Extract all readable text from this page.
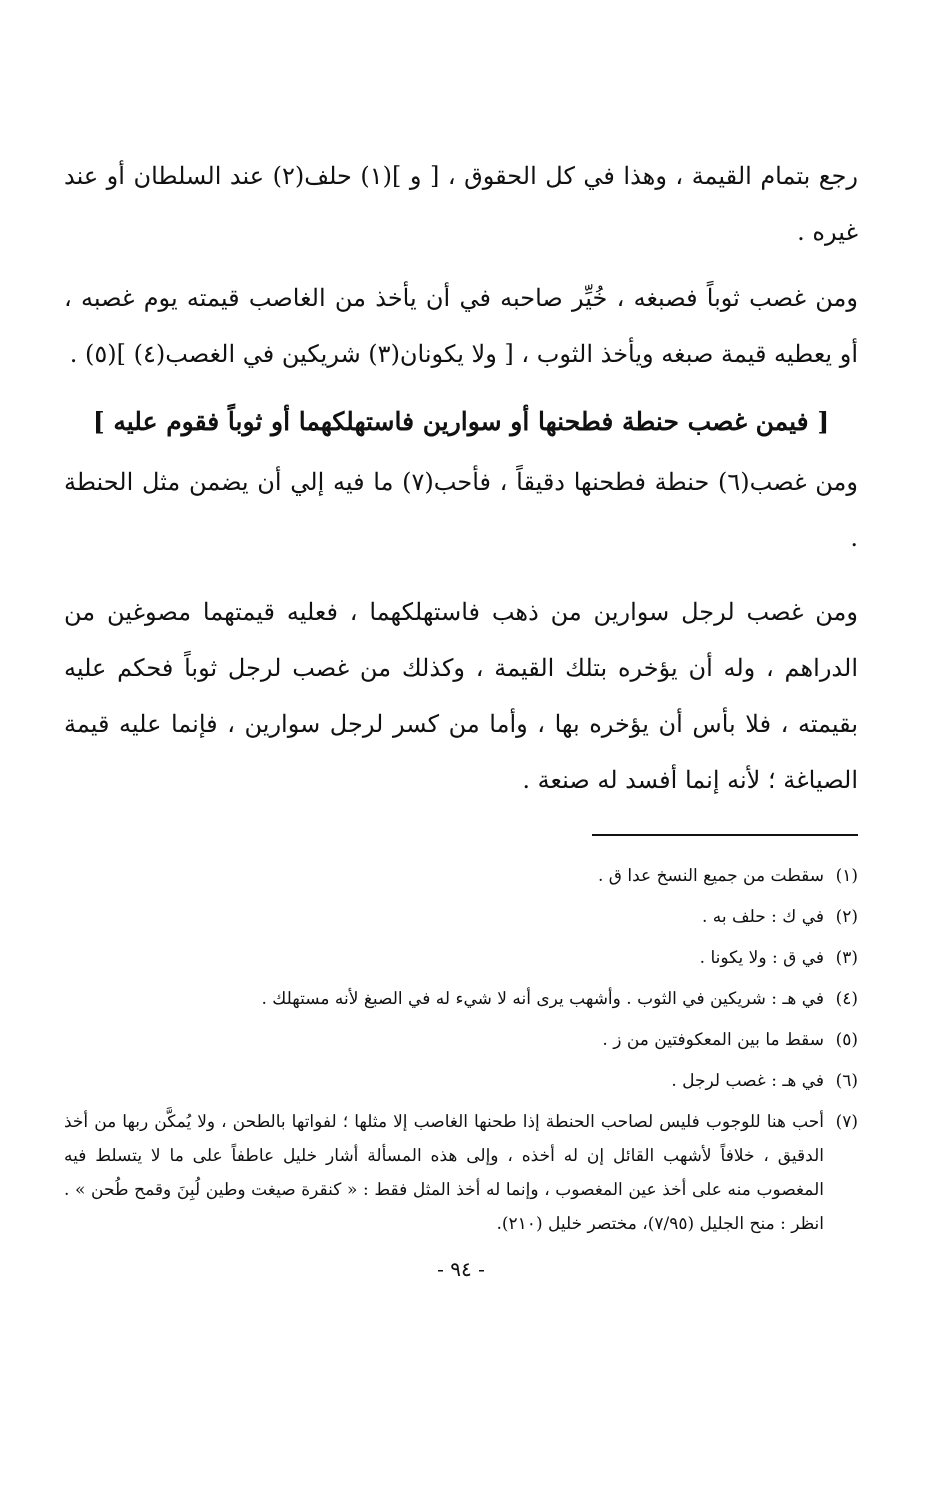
رجع بتمام القيمة ، وهذا في كل الحقوق ، [ و ](١) حلف(٢) عند السلطان أو عند غيره .

ومن غصب ثوباً فصبغه ، خُيِّر صاحبه في أن يأخذ من الغاصب قيمته يوم غصبه ، أو يعطيه قيمة صبغه ويأخذ الثوب ، [ ولا يكونان(٣) شريكين في الغصب(٤) ](٥) .

[ فيمن غصب حنطة فطحنها أو سوارين فاستهلكهما أو ثوباً فقوم عليه ]

ومن غصب(٦) حنطة فطحنها دقيقاً ، فأحب(٧) ما فيه إلي أن يضمن مثل الحنطة .

ومن غصب لرجل سوارين من ذهب فاستهلكهما ، فعليه قيمتهما مصوغين من الدراهم ، وله أن يؤخره بتلك القيمة ، وكذلك من غصب لرجل ثوباً فحكم عليه بقيمته ، فلا بأس أن يؤخره بها ، وأما من كسر لرجل سوارين ، فإنما عليه قيمة الصياغة ؛ لأنه إنما أفسد له صنعة .

(١)
سقطت من جميع النسخ عدا ق .
(٢)
في ك : حلف به .
(٣)
في ق : ولا يكونا .
(٤)
في هـ : شريكين في الثوب . وأشهب يرى أنه لا شيء له في الصبغ لأنه مستهلك .
(٥)
سقط ما بين المعكوفتين من ز .
(٦)
في هـ : غصب لرجل .
(٧)
أحب هنا للوجوب فليس لصاحب الحنطة إذا طحنها الغاصب إلا مثلها ؛ لفواتها بالطحن ، ولا يُمكَّن ربها من أخذ الدقيق ، خلافاً لأشهب القائل إن له أخذه ، وإلى هذه المسألة أشار خليل عاطفاً على ما لا يتسلط فيه المغصوب منه على أخذ عين المغصوب ، وإنما له أخذ المثل فقط : « كنقرة صيغت وطين لُبِنَ وقمح طُحن » . انظر : منح الجليل (٧/٩٥)، مختصر خليل (٢١٠).
- ٩٤ -
